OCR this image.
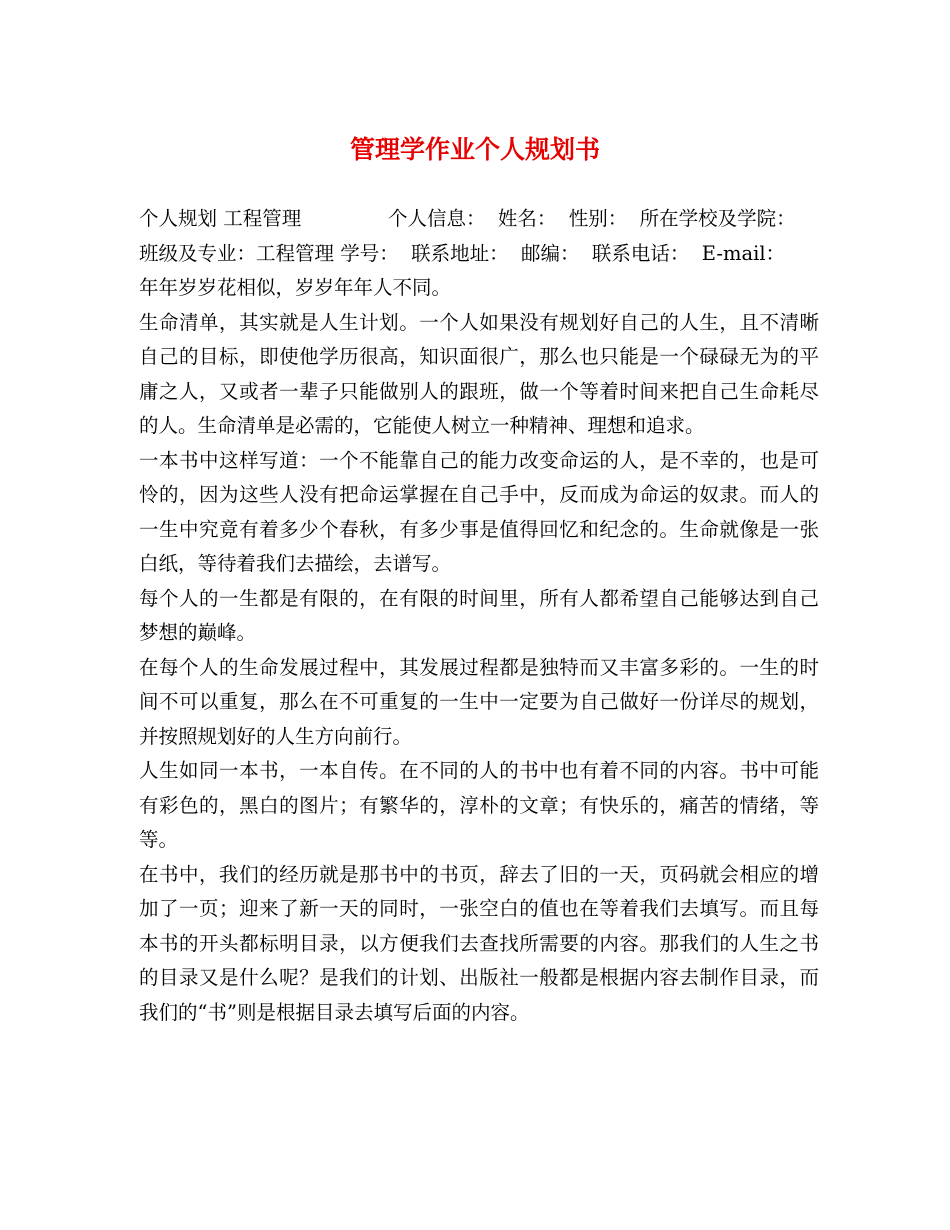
管理学作业个人规划书

个人规划 工程管理              个人信息：  姓名：  性别：  所在学校及学院：  班级及专业：工程管理 学号：  联系地址：  邮编：  联系电话：  E-mail：           年年岁岁花相似，岁岁年年人不同。

生命清单，其实就是人生计划。一个人如果没有规划好自己的人生，且不清晰自己的目标，即使他学历很高，知识面很广，那么也只能是一个碌碌无为的平庸之人，又或者一辈子只能做别人的跟班，做一个等着时间来把自己生命耗尽的人。生命清单是必需的，它能使人树立一种精神、理想和追求。

一本书中这样写道：一个不能靠自己的能力改变命运的人，是不幸的，也是可怜的，因为这些人没有把命运掌握在自己手中，反而成为命运的奴隶。而人的一生中究竟有着多少个春秋，有多少事是值得回忆和纪念的。生命就像是一张白纸，等待着我们去描绘，去谱写。

每个人的一生都是有限的，在有限的时间里，所有人都希望自己能够达到自己梦想的巅峰。

在每个人的生命发展过程中，其发展过程都是独特而又丰富多彩的。一生的时间不可以重复，那么在不可重复的一生中一定要为自己做好一份详尽的规划，并按照规划好的人生方向前行。

人生如同一本书，一本自传。在不同的人的书中也有着不同的内容。书中可能有彩色的，黑白的图片；有繁华的，淳朴的文章；有快乐的，痛苦的情绪，等等。

在书中，我们的经历就是那书中的书页，辞去了旧的一天，页码就会相应的增加了一页；迎来了新一天的同时，一张空白的值也在等着我们去填写。而且每本书的开头都标明目录，以方便我们去查找所需要的内容。那我们的人生之书的目录又是什么呢？是我们的计划、出版社一般都是根据内容去制作目录，而我们的“书”则是根据目录去填写后面的内容。
